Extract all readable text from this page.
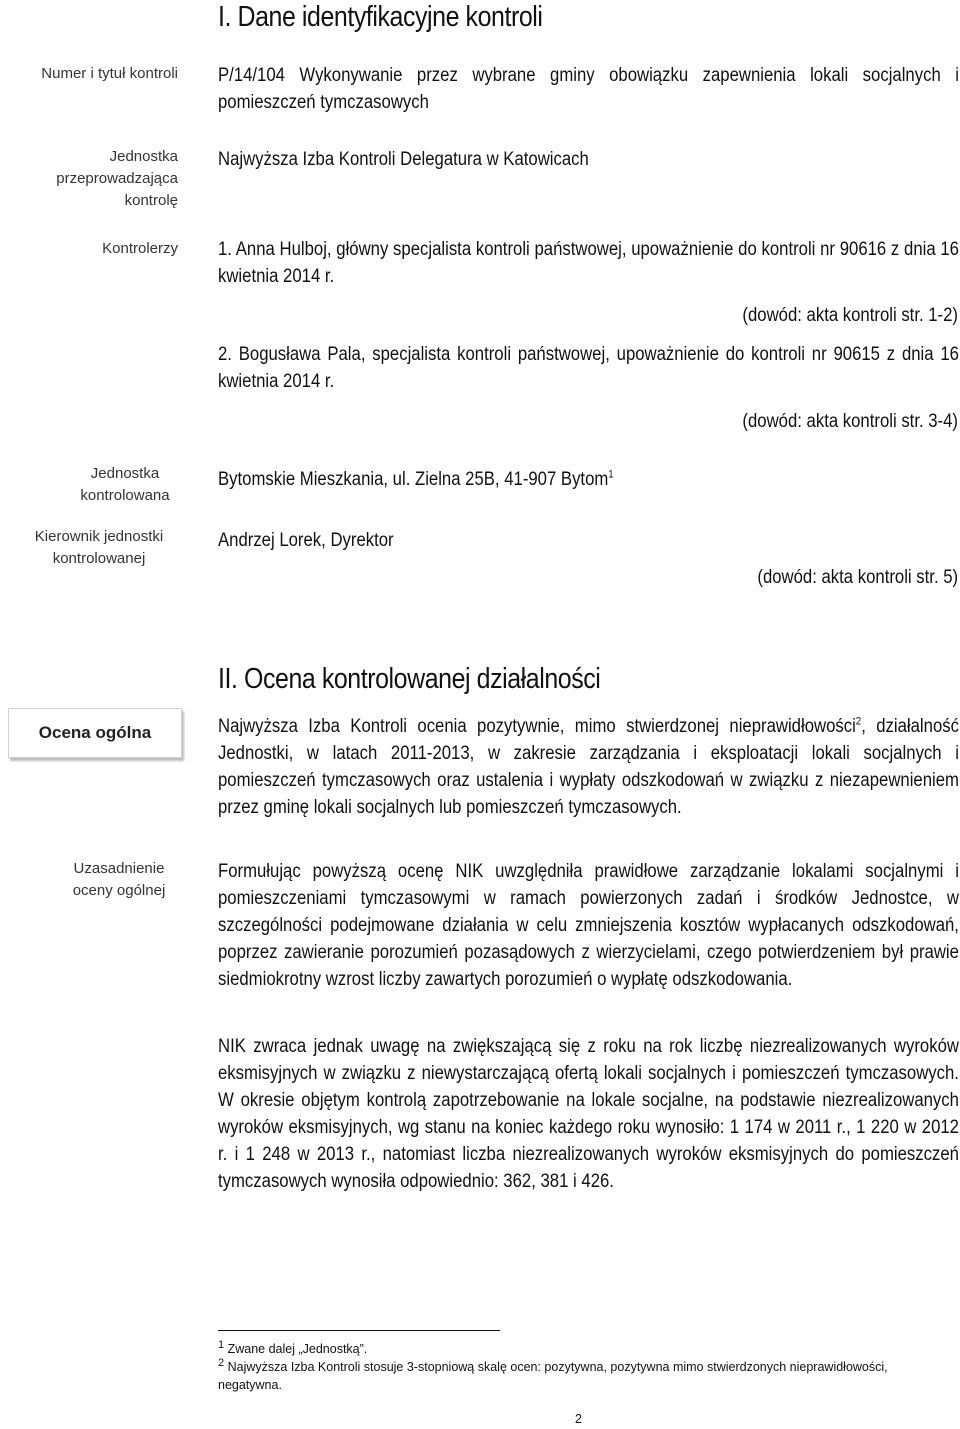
I. Dane identyfikacyjne kontroli
Numer i tytuł kontroli P/14/104 Wykonywanie przez wybrane gminy obowiązku zapewnienia lokali socjalnych i pomieszczeń tymczasowych
Jednostka przeprowadzająca kontrolę
Najwyższa Izba Kontroli Delegatura w Katowicach
Kontrolerzy 1. Anna Hulboj, główny specjalista kontroli państwowej, upoważnienie do kontroli nr 90616 z dnia 16 kwietnia 2014 r.
(dowód: akta kontroli str. 1-2)
2. Bogusława Pala, specjalista kontroli państwowej, upoważnienie do kontroli nr 90615 z dnia 16 kwietnia 2014 r.
(dowód: akta kontroli str. 3-4)
Jednostka kontrolowana
Bytomskie Mieszkania, ul. Zielna 25B, 41-907 Bytom$^1$
Kierownik jednostki kontrolowanej
Andrzej Lorek, Dyrektor
(dowód: akta kontroli str. 5)
II. Ocena kontrolowanej działalności
Ocena ogólna	Najwyższa Izba Kontroli ocenia pozytywnie, mimo stwierdzonej nieprawidłowości$^2$, działalność Jednostki, w latach 2011-2013, w zakresie zarządzania i eksploatacji lokali socjalnych i pomieszczeń tymczasowych oraz ustalenia i wypłaty odszkodowań w związku z niezapewnieniem przez gminę lokali socjalnych lub pomieszczeń tymczasowych.
Uzasadnienie oceny ogólnej
Formułując powyższą ocenę NIK uwzględniła prawidłowe zarządzanie lokalami socjalnymi i pomieszczeniami tymczasowymi w ramach powierzonych zadań i środków Jednostce, w szczególności podejmowane działania w celu zmniejszenia kosztów wypłacanych odszkodowań, poprzez zawieranie porozumień pozasądowych z wierzycielami, czego potwierdzeniem był prawie siedmiokrotny wzrost liczby zawartych porozumień o wypłatę odszkodowania.
NIK zwraca jednak uwagę na zwiększającą się z roku na rok liczbę niezrealizowanych wyroków eksmisyjnych w związku z niewystarczającą ofertą lokali socjalnych i pomieszczeń tymczasowych. W okresie objętym kontrolą zapotrzebowanie na lokale socjalne, na podstawie niezrealizowanych wyroków eksmisyjnych, wg stanu na koniec każdego roku wynosiło: 1 174 w 2011 r., 1 220 w 2012 r. i 1 248 w 2013 r., natomiast liczba niezrealizowanych wyroków eksmisyjnych do pomieszczeń tymczasowych wynosiła odpowiednio: 362, 381 i 426.
$^1$ Zwane dalej „Jednostką”.
$^2$ Najwyższa Izba Kontroli stosuje 3-stopniową skalę ocen: pozytywna, pozytywna mimo stwierdzonych nieprawidłowości, negatywna.
2
